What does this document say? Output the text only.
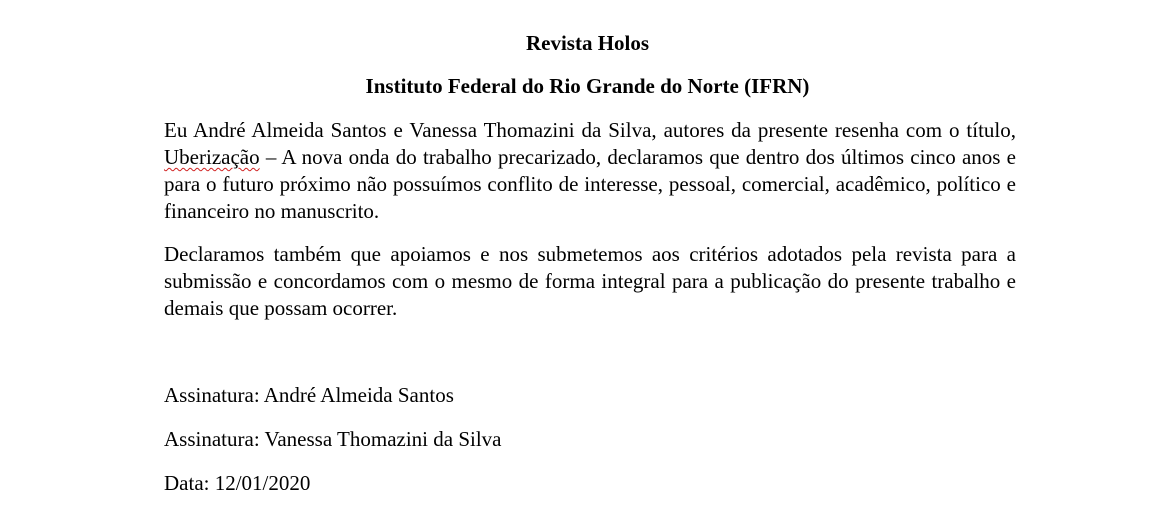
Revista Holos

Instituto Federal do Rio Grande do Norte (IFRN)

Eu André Almeida Santos e Vanessa Thomazini da Silva, autores da presente resenha com o título, Uberização – A nova onda do trabalho precarizado, declaramos que dentro dos últimos cinco anos e para o futuro próximo não possuímos conflito de interesse, pessoal, comercial, acadêmico, político e financeiro no manuscrito.

Declaramos também que apoiamos e nos submetemos aos critérios adotados pela revista para a submissão e concordamos com o mesmo de forma integral para a publicação do presente trabalho e demais que possam ocorrer.

Assinatura: André Almeida Santos

Assinatura: Vanessa Thomazini da Silva

Data: 12/01/2020
